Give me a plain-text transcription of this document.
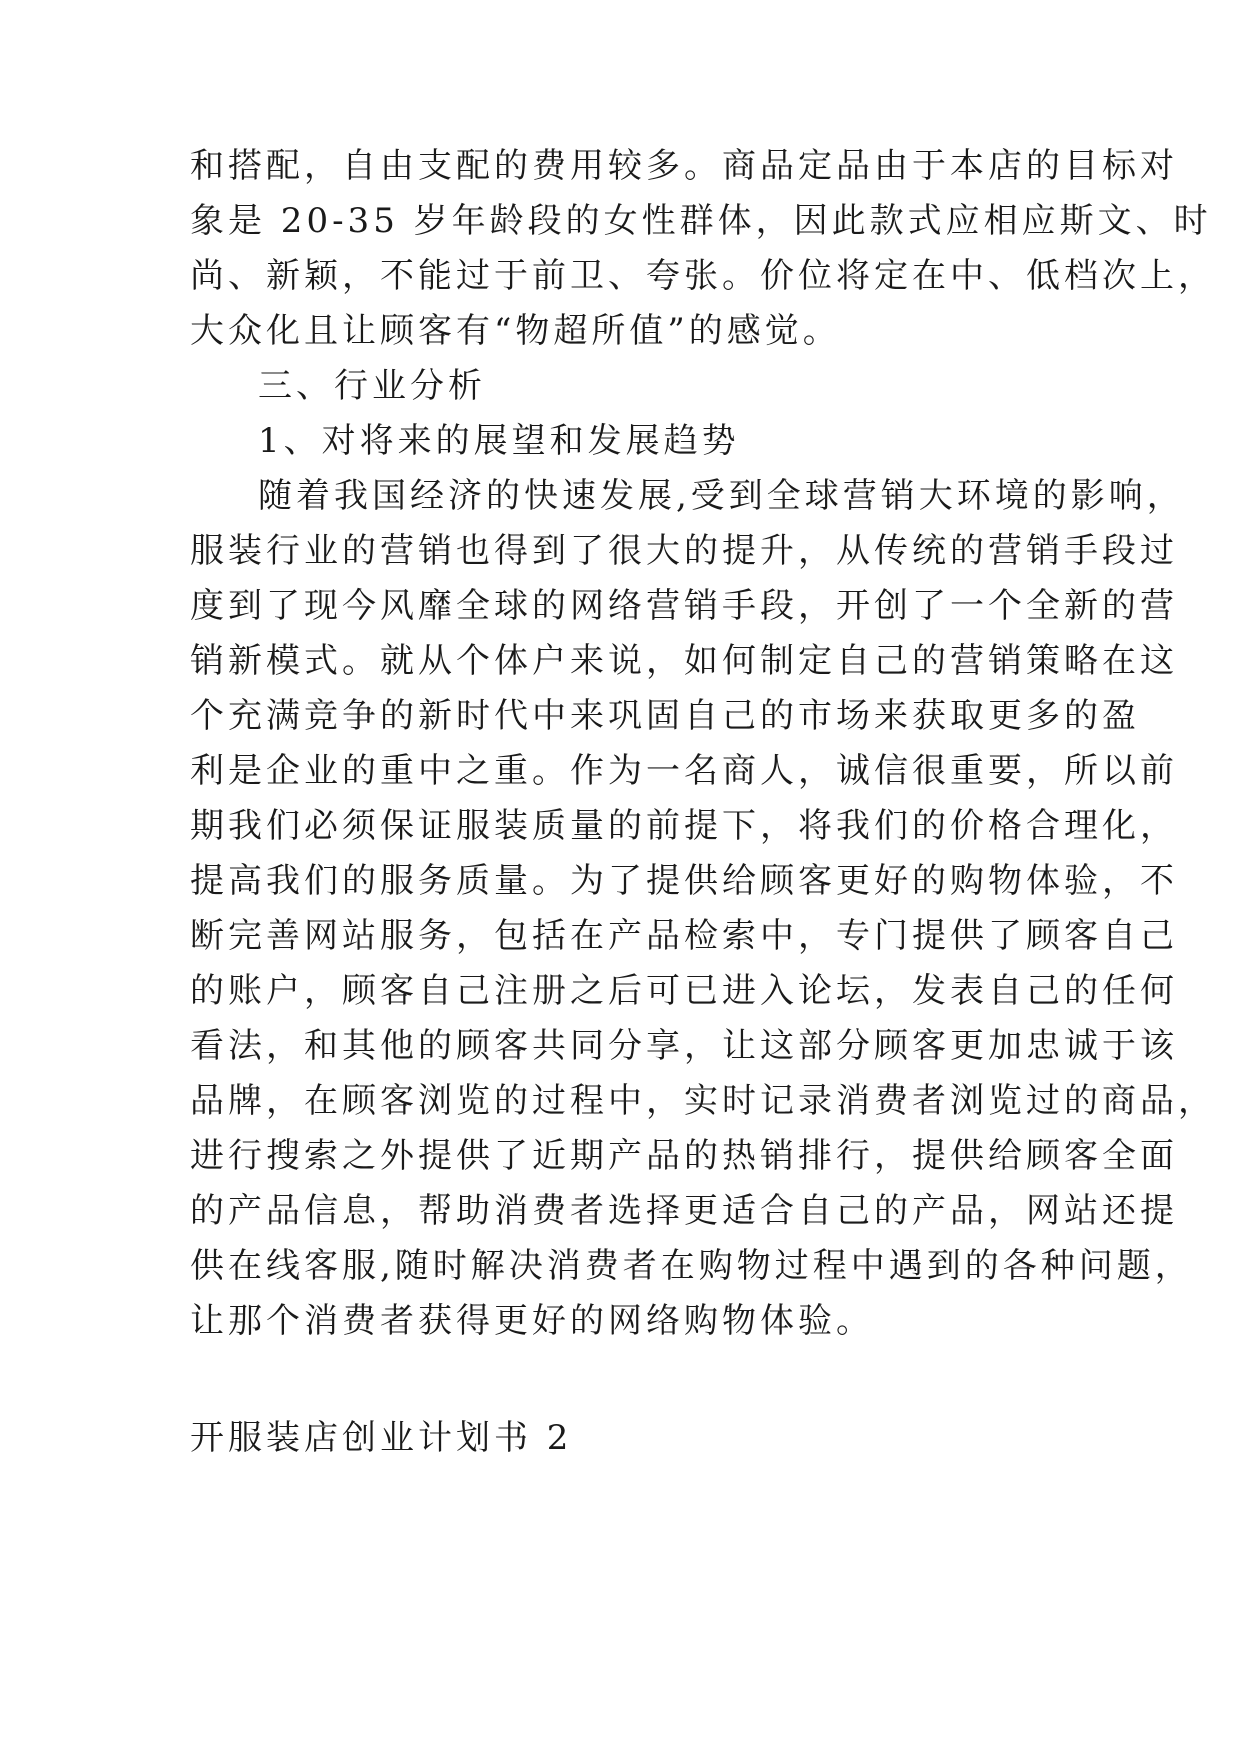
和搭配，自由支配的费用较多。商品定品由于本店的目标对
象是 20-35 岁年龄段的女性群体，因此款式应相应斯文、时
尚、新颖，不能过于前卫、夸张。价位将定在中、低档次上，
大众化且让顾客有“物超所值”的感觉。
三、行业分析
1、对将来的展望和发展趋势
随着我国经济的快速发展,受到全球营销大环境的影响，
服装行业的营销也得到了很大的提升，从传统的营销手段过
度到了现今风靡全球的网络营销手段，开创了一个全新的营
销新模式。就从个体户来说，如何制定自己的营销策略在这
个充满竞争的新时代中来巩固自己的市场来获取更多的盈
利是企业的重中之重。作为一名商人，诚信很重要，所以前
期我们必须保证服装质量的前提下，将我们的价格合理化，
提高我们的服务质量。为了提供给顾客更好的购物体验，不
断完善网站服务，包括在产品检索中，专门提供了顾客自己
的账户，顾客自己注册之后可已进入论坛，发表自己的任何
看法，和其他的顾客共同分享，让这部分顾客更加忠诚于该
品牌，在顾客浏览的过程中，实时记录消费者浏览过的商品，
进行搜索之外提供了近期产品的热销排行，提供给顾客全面
的产品信息，帮助消费者选择更适合自己的产品，网站还提
供在线客服,随时解决消费者在购物过程中遇到的各种问题，
让那个消费者获得更好的网络购物体验。
开服装店创业计划书 2
